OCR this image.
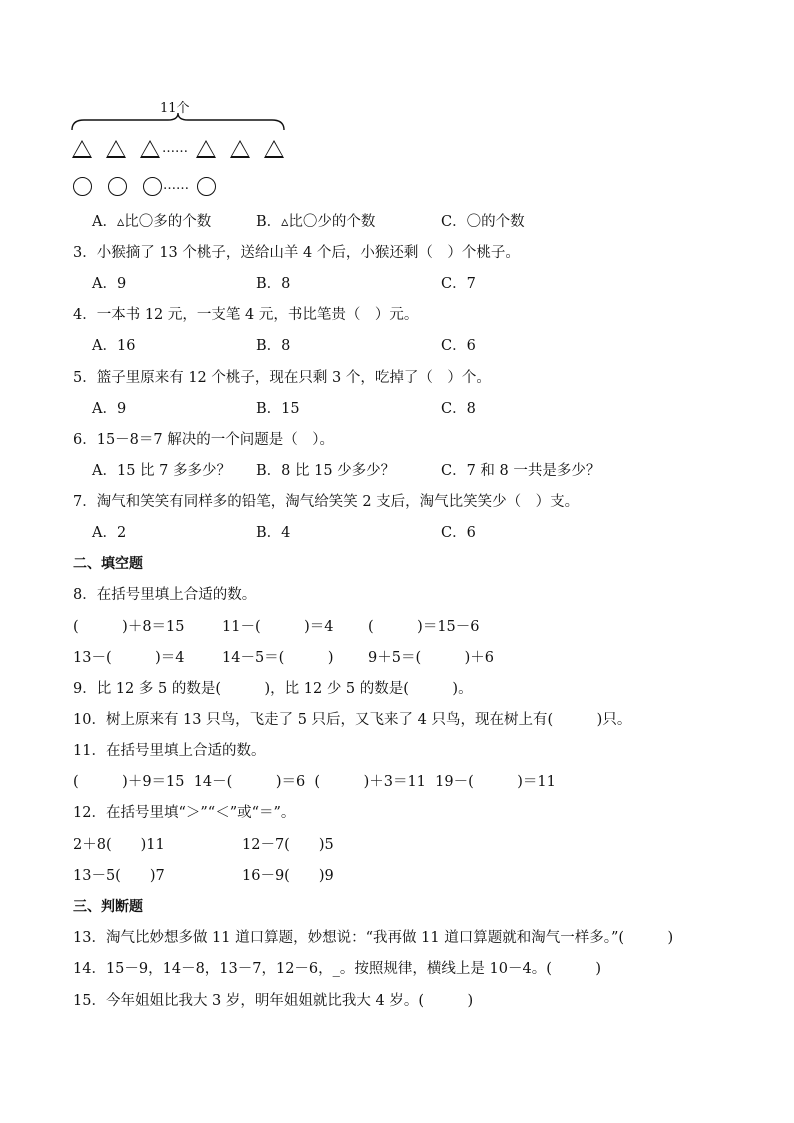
11个
……
……
A．▵比〇多的个数	B．▵比〇少的个数	C．〇的个数
3．小猴摘了 13 个桃子，送给山羊 4 个后，小猴还剩（　）个桃子。
A．9	B．8	C．7
4．一本书 12 元，一支笔 4 元，书比笔贵（　）元。
A．16	B．8	C．6
5．篮子里原来有 12 个桃子，现在只剩 3 个，吃掉了（　）个。
A．9	B．15	C．8
6．15－8＝7 解决的一个问题是（　）。
A．15 比 7 多多少？ B．8 比 15 少多少？	C．7 和 8 一共是多少？
7．淘气和笑笑有同样多的铅笔，淘气给笑笑 2 支后，淘气比笑笑少（　）支。
A．2	B．4	C．6
二、填空题
8．在括号里填上合适的数。
(　　　)＋8＝15	11－(　　　)＝4 (　　　)＝15－6
13－(　　　)＝4	14－5＝(　　　) 9＋5＝(　　　)＋6
9．比 12 多 5 的数是(　　　)，比 12 少 5 的数是(　　　)。
10．树上原来有 13 只鸟，飞走了 5 只后，又飞来了 4 只鸟，现在树上有(　　　)只。
11．在括号里填上合适的数。
(　　　)＋9＝15  14－(　　　)＝6  (　　　)＋3＝11  19－(　　　)＝11
12．在括号里填“＞”“＜”或“＝”。
2＋8(　　)11	12－7(　　)5
13－5(　　)7	16－9(　　)9
三、判断题
13．淘气比妙想多做 11 道口算题，妙想说：“我再做 11 道口算题就和淘气一样多。”(　　　)
14．15－9，14－8，13－7，12－6，_。按照规律，横线上是 10－4。(　　　)
15．今年姐姐比我大 3 岁，明年姐姐就比我大 4 岁。(　　　)
